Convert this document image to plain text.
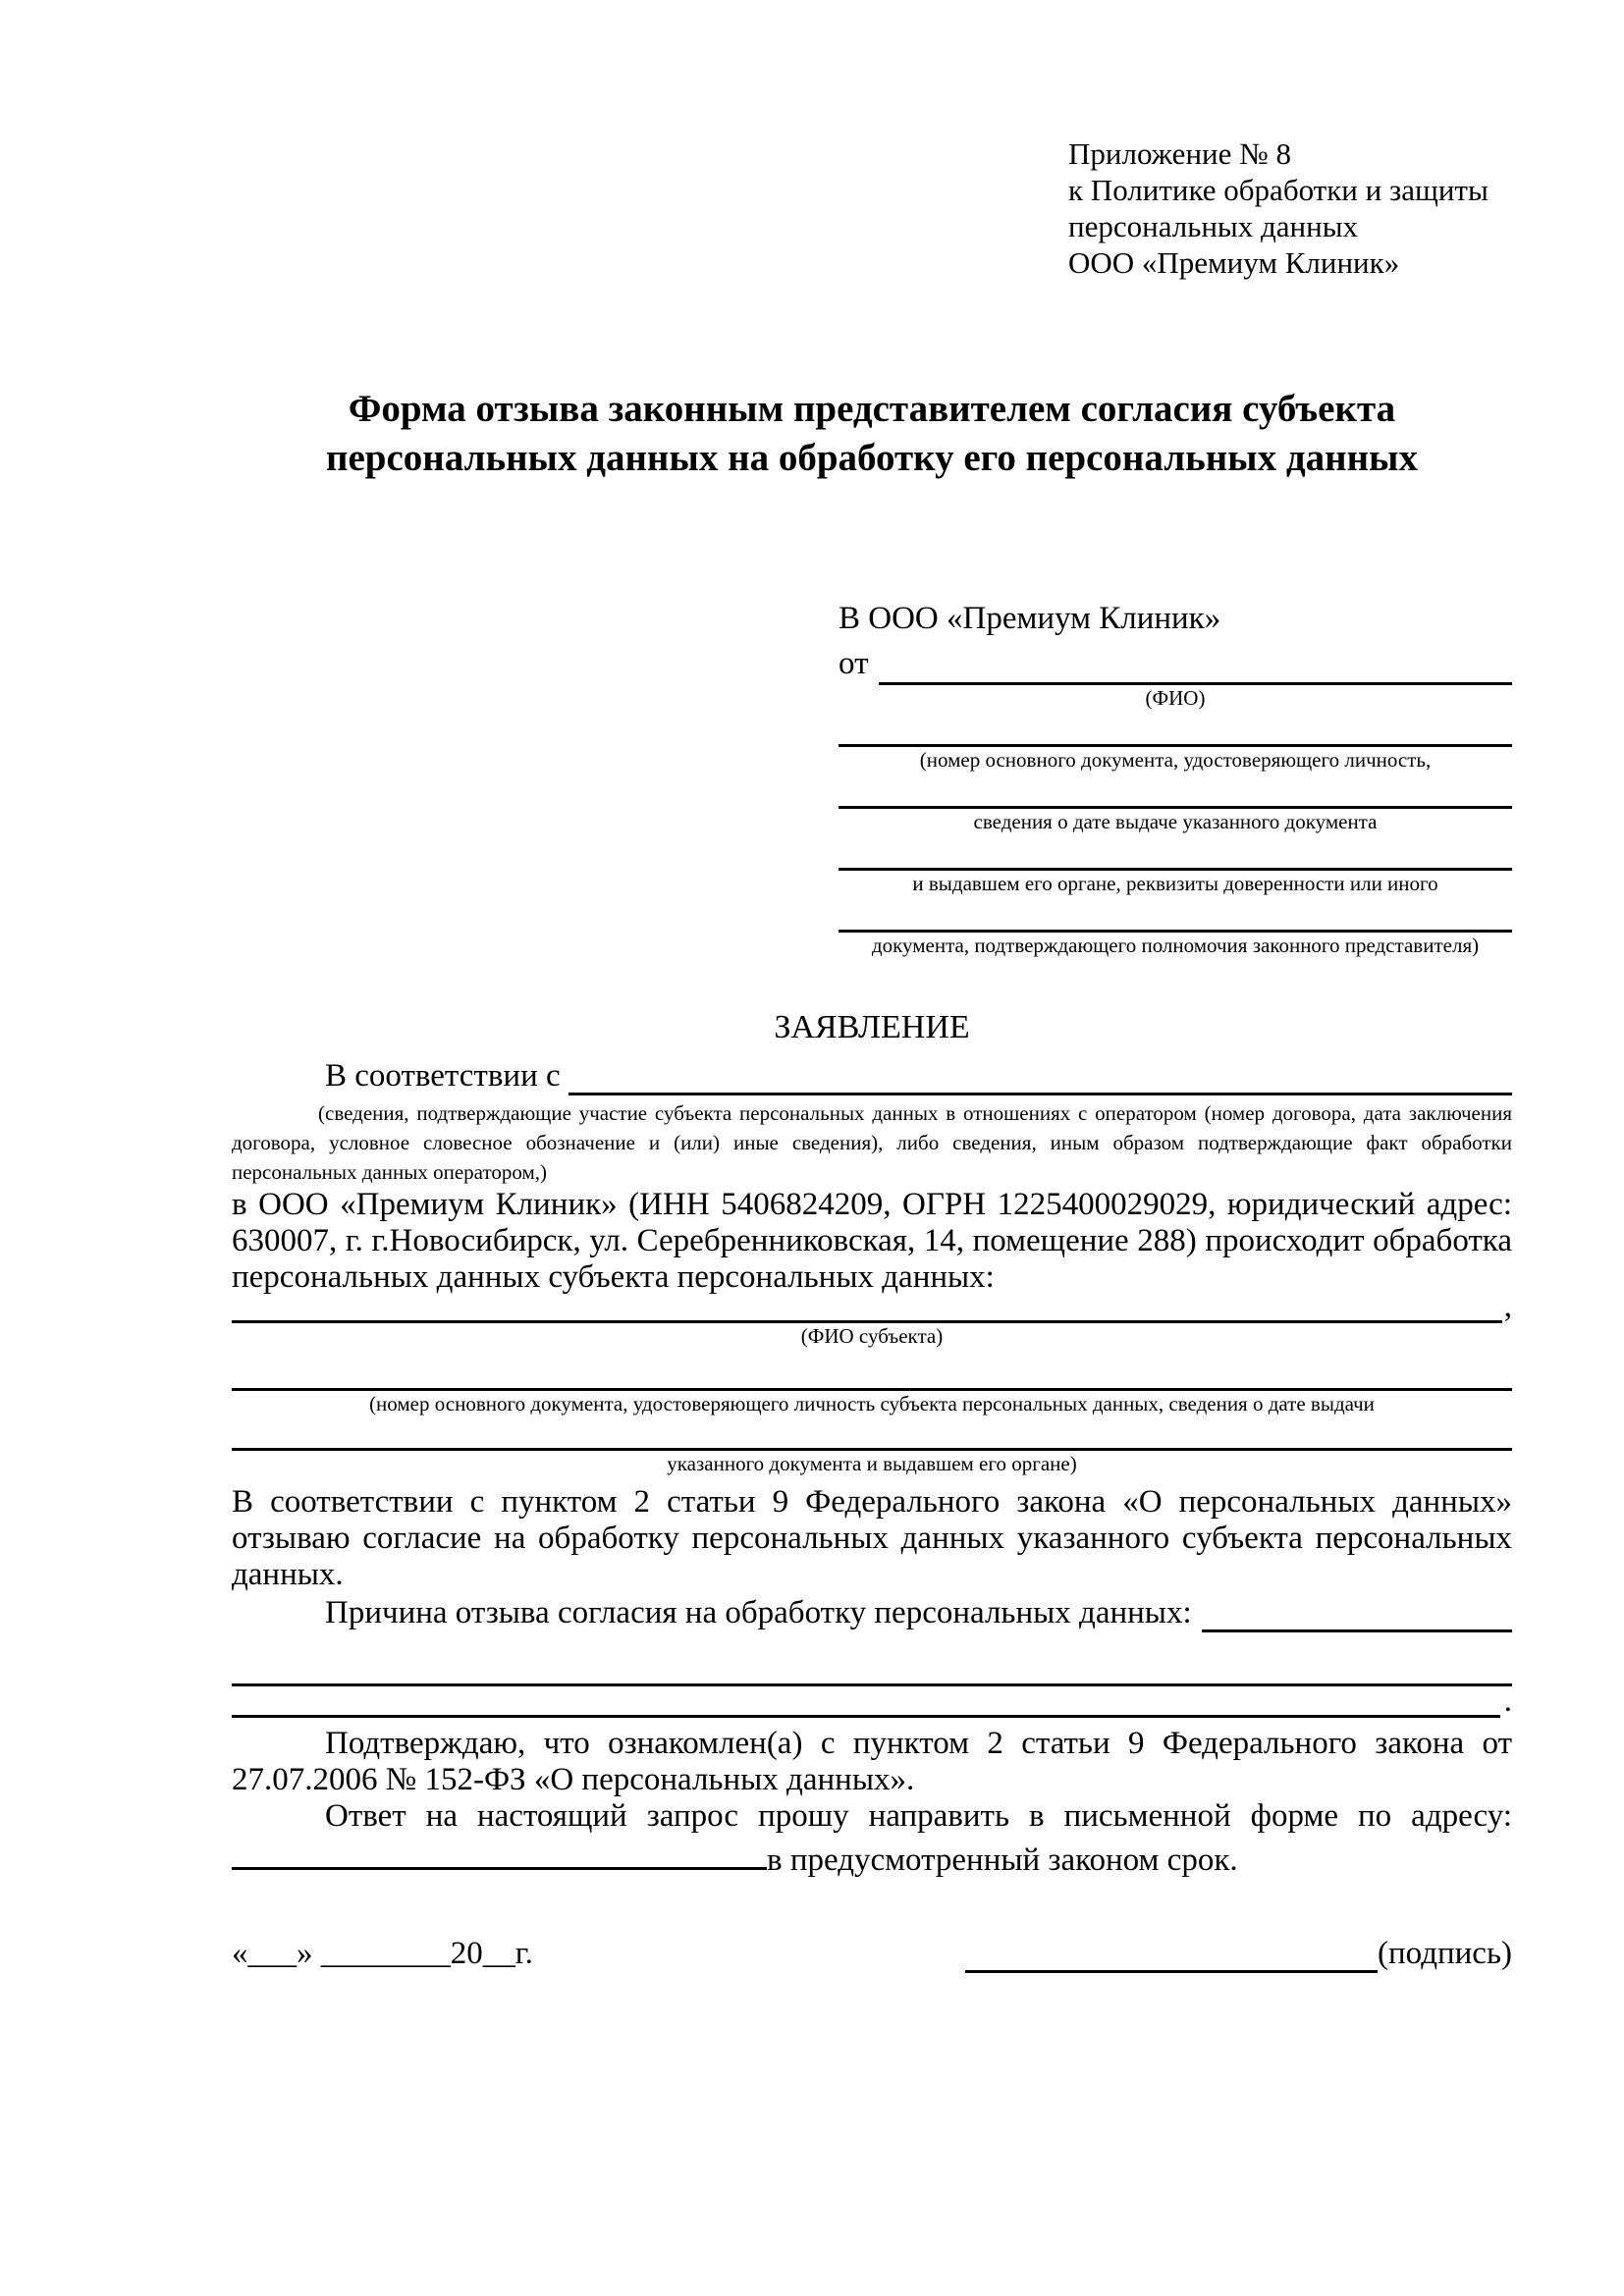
Приложение № 8
к Политике обработки и защиты
персональных данных
ООО «Премиум Клиник»
Форма отзыва законным представителем согласия субъекта персональных данных на обработку его персональных данных
В ООО «Премиум Клиник»
от
(ФИО)
(номер основного документа, удостоверяющего личность,
сведения о дате выдаче указанного документа
и выдавшем его органе, реквизиты доверенности или иного
документа, подтверждающего полномочия законного представителя)
ЗАЯВЛЕНИЕ
В соответствии с
(сведения, подтверждающие участие субъекта персональных данных в отношениях с оператором (номер договора, дата заключения договора, условное словесное обозначение и (или) иные сведения), либо сведения, иным образом подтверждающие факт обработки персональных данных оператором,)

в ООО «Премиум Клиник» (ИНН 5406824209, ОГРН 1225400029029, юридический адрес: 630007, г. г.Новосибирск, ул. Серебренниковская, 14, помещение 288) происходит обработка персональных данных субъекта персональных данных:

,
(ФИО субъекта)
(номер основного документа, удостоверяющего личность субъекта персональных данных, сведения о дате выдачи
указанного документа и выдавшем его органе)

В соответствии с пунктом 2 статьи 9 Федерального закона «О персональных данных» отзываю согласие на обработку персональных данных указанного субъекта персональных данных.

Причина отзыва согласия на обработку персональных данных:
.

Подтверждаю, что ознакомлен(а) с пунктом 2 статьи 9 Федерального закона от 27.07.2006 № 152-ФЗ «О персональных данных».

Ответ на настоящий запрос прошу направить в письменной форме по адресу: в предусмотренный законом срок.

«___» ________20__г.	(подпись)
